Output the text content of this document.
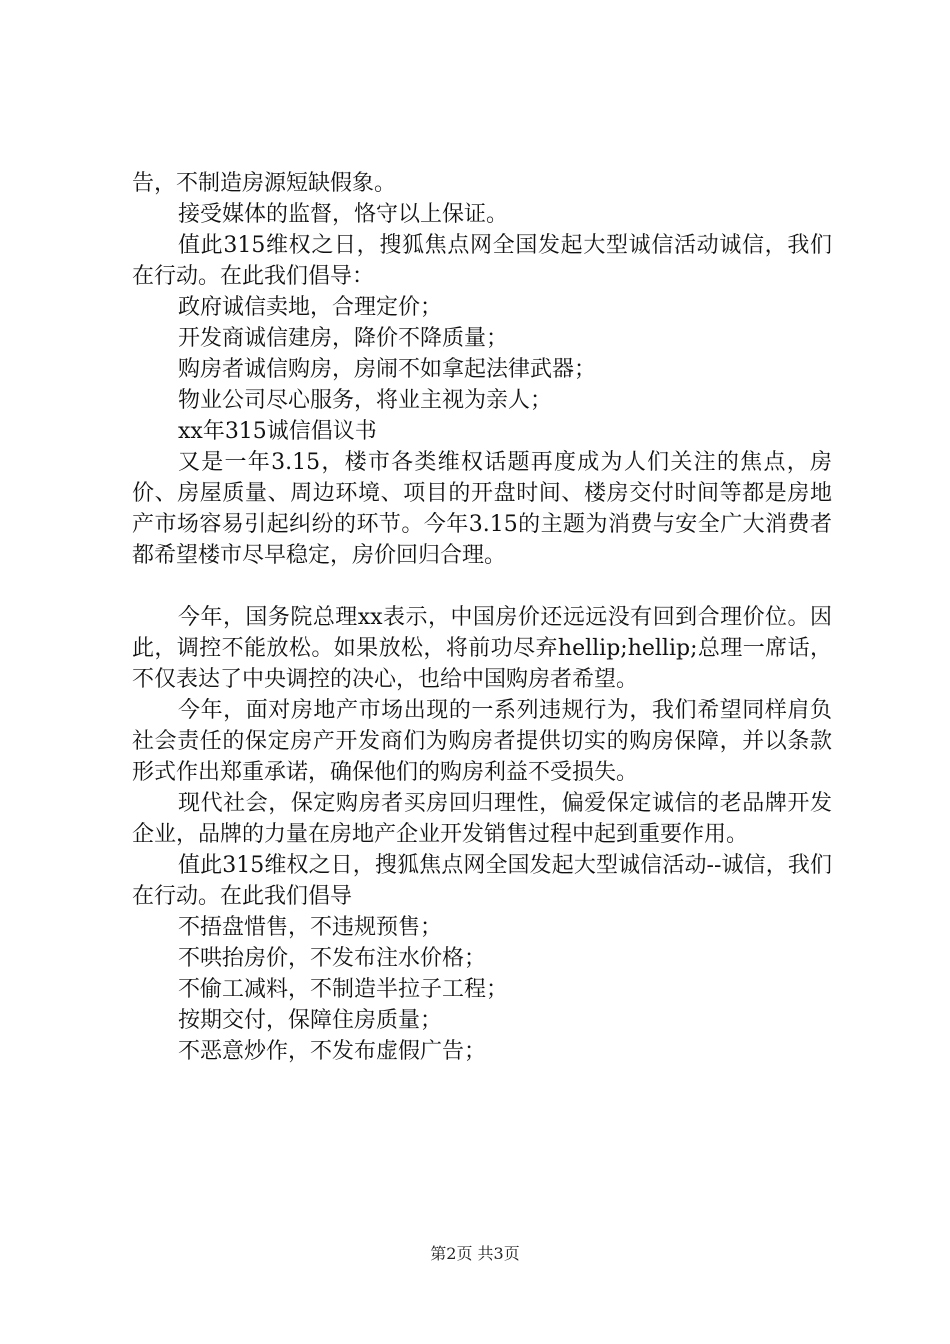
告，不制造房源短缺假象。

接受媒体的监督，恪守以上保证。

值此315维权之日，搜狐焦点网全国发起大型诚信活动诚信，我们在行动。在此我们倡导：

政府诚信卖地，合理定价；

开发商诚信建房，降价不降质量；

购房者诚信购房，房闹不如拿起法律武器；

物业公司尽心服务，将业主视为亲人；

xx年315诚信倡议书

又是一年3.15，楼市各类维权话题再度成为人们关注的焦点，房价、房屋质量、周边环境、项目的开盘时间、楼房交付时间等都是房地产市场容易引起纠纷的环节。今年3.15的主题为消费与安全广大消费者都希望楼市尽早稳定，房价回归合理。

今年，国务院总理xx表示，中国房价还远远没有回到合理价位。因此，调控不能放松。如果放松，将前功尽弃hellip;hellip;总理一席话，不仅表达了中央调控的决心，也给中国购房者希望。

今年，面对房地产市场出现的一系列违规行为，我们希望同样肩负社会责任的保定房产开发商们为购房者提供切实的购房保障，并以条款形式作出郑重承诺，确保他们的购房利益不受损失。

现代社会，保定购房者买房回归理性，偏爱保定诚信的老品牌开发企业，品牌的力量在房地产企业开发销售过程中起到重要作用。

值此315维权之日，搜狐焦点网全国发起大型诚信活动--诚信，我们在行动。在此我们倡导

不捂盘惜售，不违规预售；

不哄抬房价，不发布注水价格；

不偷工减料，不制造半拉子工程；

按期交付，保障住房质量；

不恶意炒作，不发布虚假广告；

第2页 共3页
